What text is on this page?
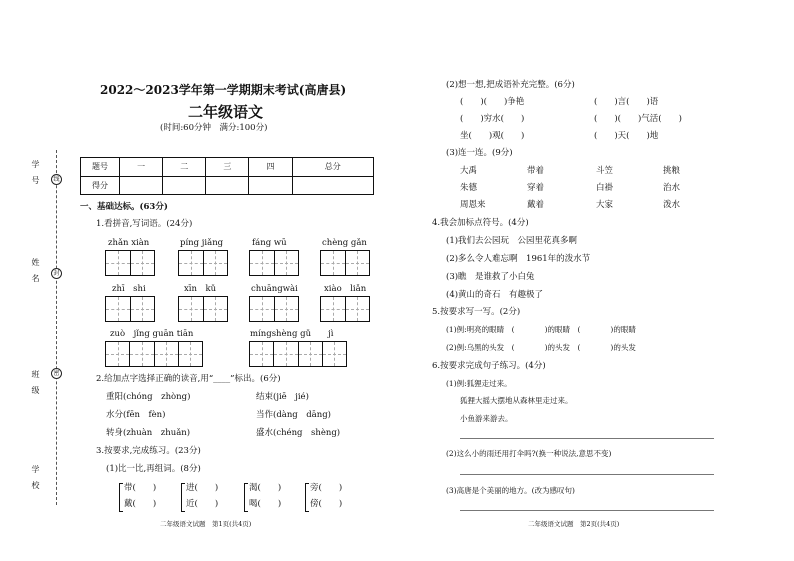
学　号
姓　名
班　级
学　校
线
封
密
2022～2023学年第一学期期末考试(高唐县)
二年级语文
(时间:60分钟　满分:100分)
题号	一	二	三	四	总分
得分					
一、基础达标。(63分)
1.看拼音,写词语。(24分)
zhǎn xiàn	píng jiǎng	fáng wū	chèng gǎn
zhī　shi	xīn　kǔ	chuāngwài	xiào　liǎn
zuò　jǐng guān tiān	míngshèng gǔ　　jì
2.给加点字选择正确的读音,用“____”标出。(6分)
重阳(chóng　zhòng)	结束(jiē　jié)
水分(fēn　fèn)	当作(dàng　dāng)
转身(zhuàn　zhuǎn)	盛水(chéng　shèng)
3.按要求,完成练习。(23分)
(1)比一比,再组词。(8分)
带(　　)	进(　　)	渴(　　)	旁(　　)
戴(　　)	近(　　)	喝(　　)	傍(　　)
二年级语文试题　第1页(共4页)
(2)想一想,把成语补充完整。(6分)
(　　)(　　)争艳	(　　)言(　　)语
(　　)穷水(　　)	(　　)(　　)气活(　　)
坐(　　)观(　　)	(　　)天(　　)地
(3)连一连。(9分)
大禹	带着	斗笠	挑粮
朱德	穿着	白褂	治水
周恩来	戴着	大家	泼水
4.我会加标点符号。(4分)
(1)我们去公园玩　公园里花真多啊
(2)多么令人难忘啊　1961年的泼水节
(3)瞧　是谁救了小白兔
(4)黄山的奇石　有趣极了
5.按要求写一写。(2分)
(1)例:明亮的眼睛　(　　　　)的眼睛　(　　　　)的眼睛
(2)例:乌黑的头发　(　　　　)的头发　(　　　　)的头发
6.按要求完成句子练习。(4分)
(1)例:狐狸走过来。
狐狸大摇大摆地从森林里走过来。
小鱼游来游去。
(2)这么小的雨还用打伞吗?(换一种说法,意思不变)
(3)高唐是个美丽的地方。(改为感叹句)
二年级语文试题　第2页(共4页)
